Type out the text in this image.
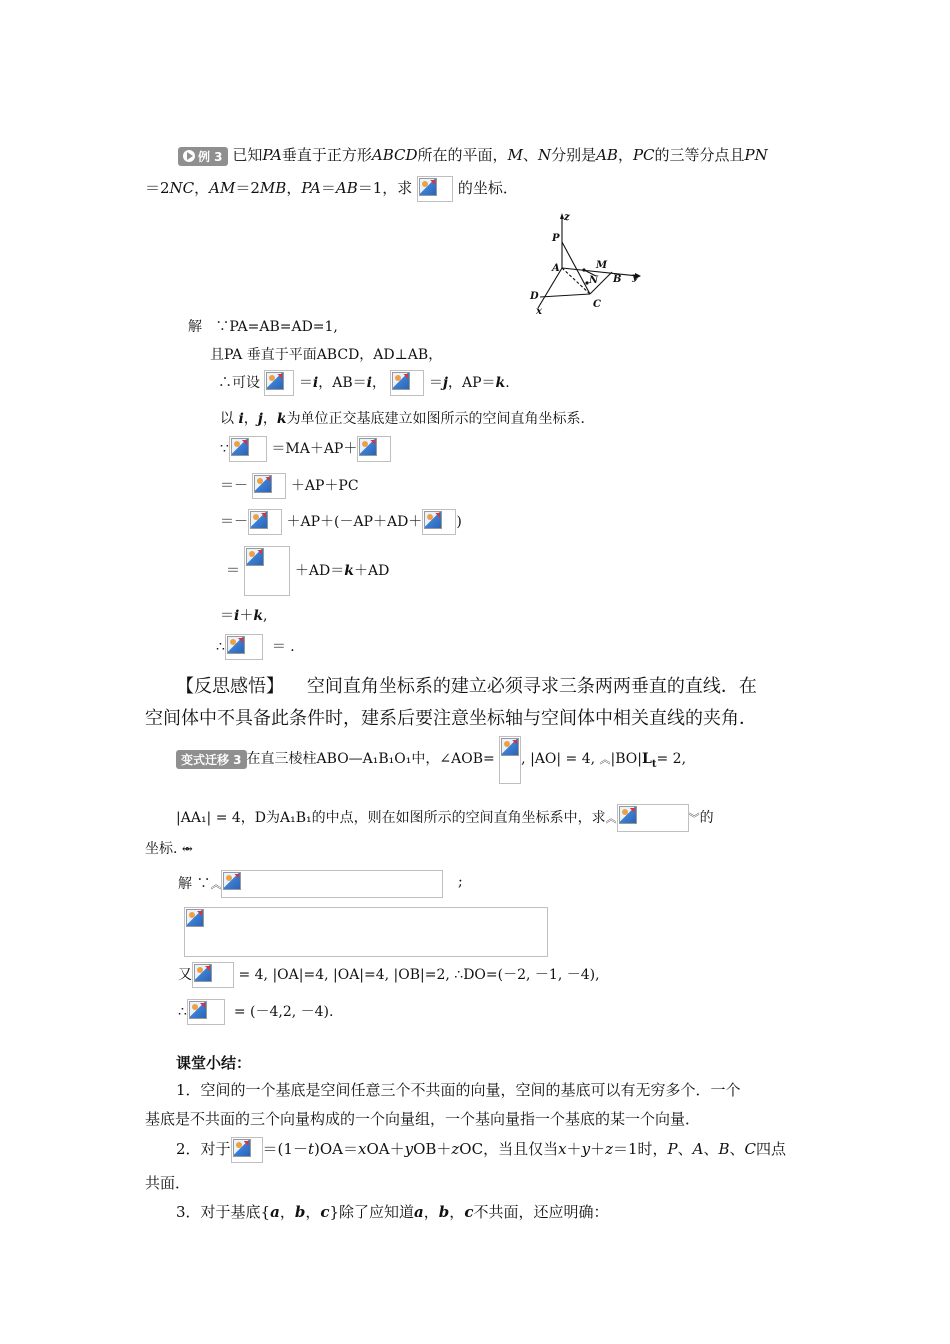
例 3 已知PA垂直于正方形ABCD所在的平面，M、N分别是AB，PC的三等分点且PN
＝2NC，AM＝2MB，PA＝AB＝1，求	的坐标．
z
P
A	M
B y
N
D
C
x
解 ∵PA=AB=AD=1,
且PA 垂直于平面ABCD，AD⊥AB，
∴可设	＝i，AB＝i，	＝j，AP＝k.
以 i，j，k为单位正交基底建立如图所示的空间直角坐标系．
∵	＝MA＋AP＋
＝－	＋AP＋PC
＝－	＋AP＋(－AP＋AD＋ )
＝	＋AD＝k＋AD
＝i＋k,
∴	＝ ．
【反思感悟】 空间直角坐标系的建立必须寻求三条两两垂直的直线．在
空间体中不具备此条件时，建系后要注意坐标轴与空间体中相关直线的夹角．
变式迁移 3 在直三棱柱ABO—A₁B₁O₁中，∠AOB= , |AO| = 4, $︽|BO|L_t= 2$,
|AA₁| = 4，D为A₁B₁的中点，则在如图所示的空间直角坐标系中，求︽	︾的
坐标. ⥈
解 ∵︽	;
又	= 4, |OA|=4, |OA|=4, |OB|=2, ∴DO=(－2, －1, －4),
∴	= (－4,2, －4).
课堂小结：
1．空间的一个基底是空间任意三个不共面的向量，空间的基底可以有无穷多个．一个
基底是不共面的三个向量构成的一个向量组，一个基向量指一个基底的某一个向量．
2．对于 ＝(1－t)OA＝xOA＋yOB＋zOC，当且仅当x＋y＋z＝1时，P、A、B、C四点
共面．
3．对于基底{a，b，c}除了应知道a，b，c不共面，还应明确：
